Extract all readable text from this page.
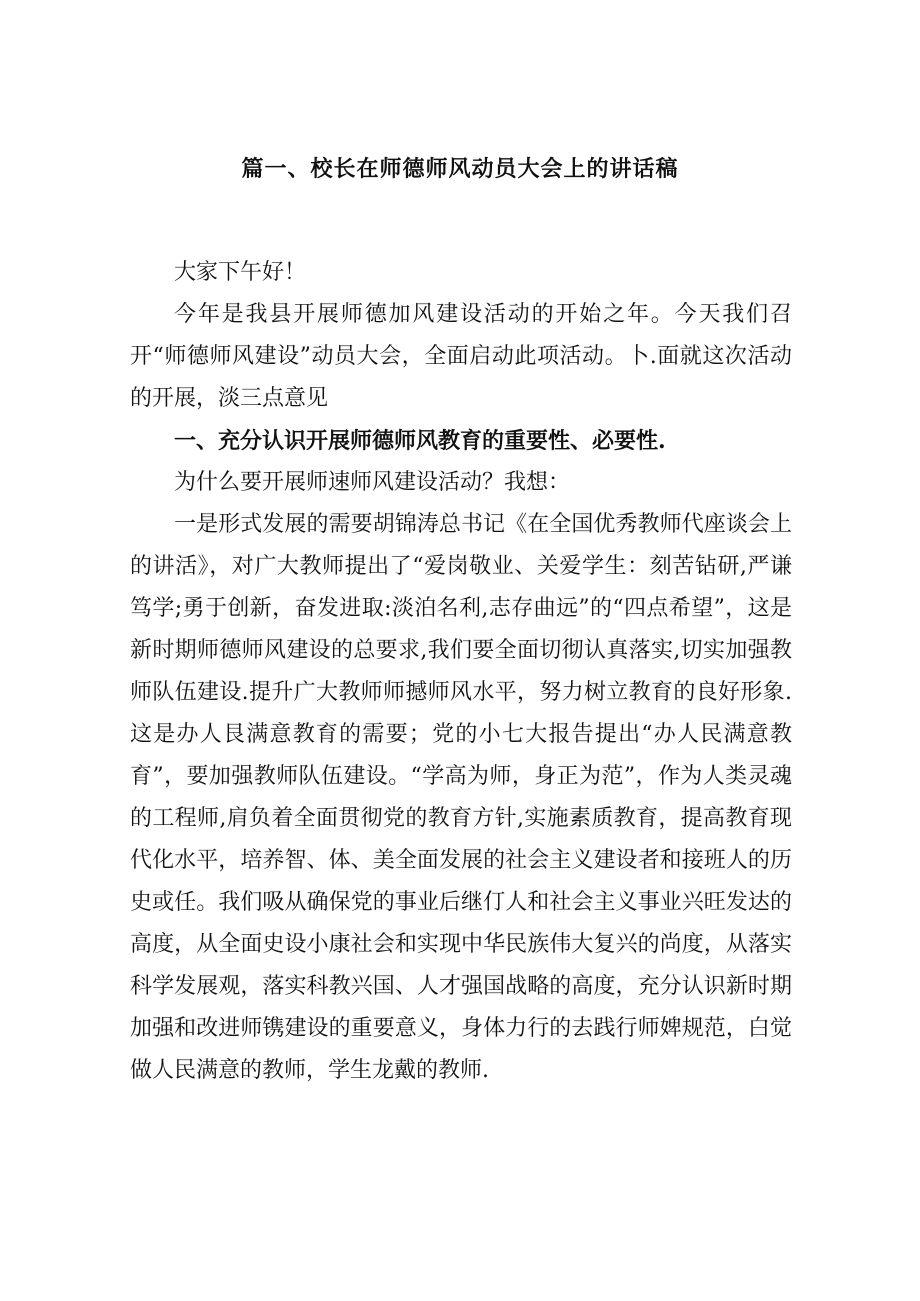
篇一、校长在师德师风动员大会上的讲话稿

大家下午好！

今年是我县开展师德加风建设活动的开始之年。今天我们召开“师德师风建设”动员大会，全面启动此项活动。卜.面就这次活动的开展，淡三点意见

一、充分认识开展师德师风教育的重要性、必要性.

为什么要开展师速师风建设活动？我想：

一是形式发展的需要胡锦涛总书记《在全国优秀教师代座谈会上的讲活》，对广大教师提出了“爱岗敬业、关爱学生：刻苦钻研,严谦笃学;勇于创新，奋发进取:淡泊名利,志存曲远”的“四点希望”，这是新时期师德师风建设的总要求,我们要全面切彻认真落实,切实加强教师队伍建设.提升广大教师师撼师风水平，努力树立教育的良好形象.这是办人艮满意教育的需要；党的小七大报告提出“办人民满意教育”，要加强教师队伍建设。“学高为师，身正为范”，作为人类灵魂的工程师,肩负着全面贯彻党的教育方针,实施素质教育，提高教育现代化水平，培养智、体、美全面发展的社会主义建设者和接班人的历史或任。我们吸从确保党的事业后继仃人和社会主义事业兴旺发达的高度，从全面史设小康社会和实现中华民族伟大复兴的尚度，从落实科学发展观，落实科教兴国、人才强国战略的高度，充分认识新时期加强和改进师镌建设的重要意义，身体力行的去践行师婢规范，白觉做人民满意的教师，学生龙戴的教师.
